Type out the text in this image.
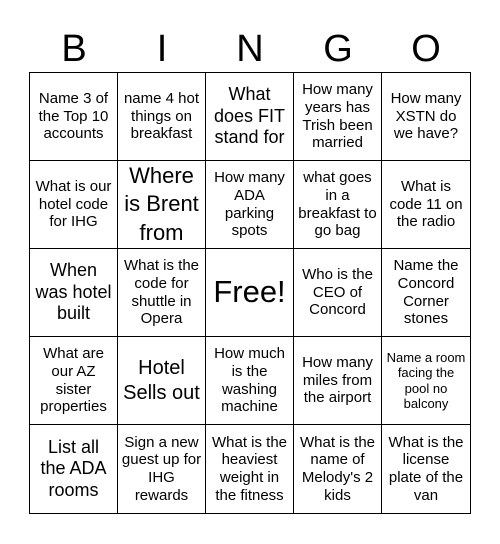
B	I	N	G	O
Name 3 of the Top 10 accounts
name 4 hot things on breakfast
What does FIT stand for
How many years has Trish been married
How many XSTN do we have?
What is our hotel code for IHG
Where is Brent from
How many ADA parking spots
what goes in a breakfast to go bag
What is code 11 on the radio
When was hotel built
What is the code for shuttle in Opera
Free!	Who is the CEO of Concord
Name the Concord Corner stones
What are our AZ sister properties
Hotel Sells out
How much is the washing machine
How many miles from the airport
Name a room facing the pool no balcony
List all the ADA rooms
Sign a new guest up for IHG rewards
What is the heaviest weight in the fitness
What is the name of Melody's 2 kids
What is the license plate of the van
